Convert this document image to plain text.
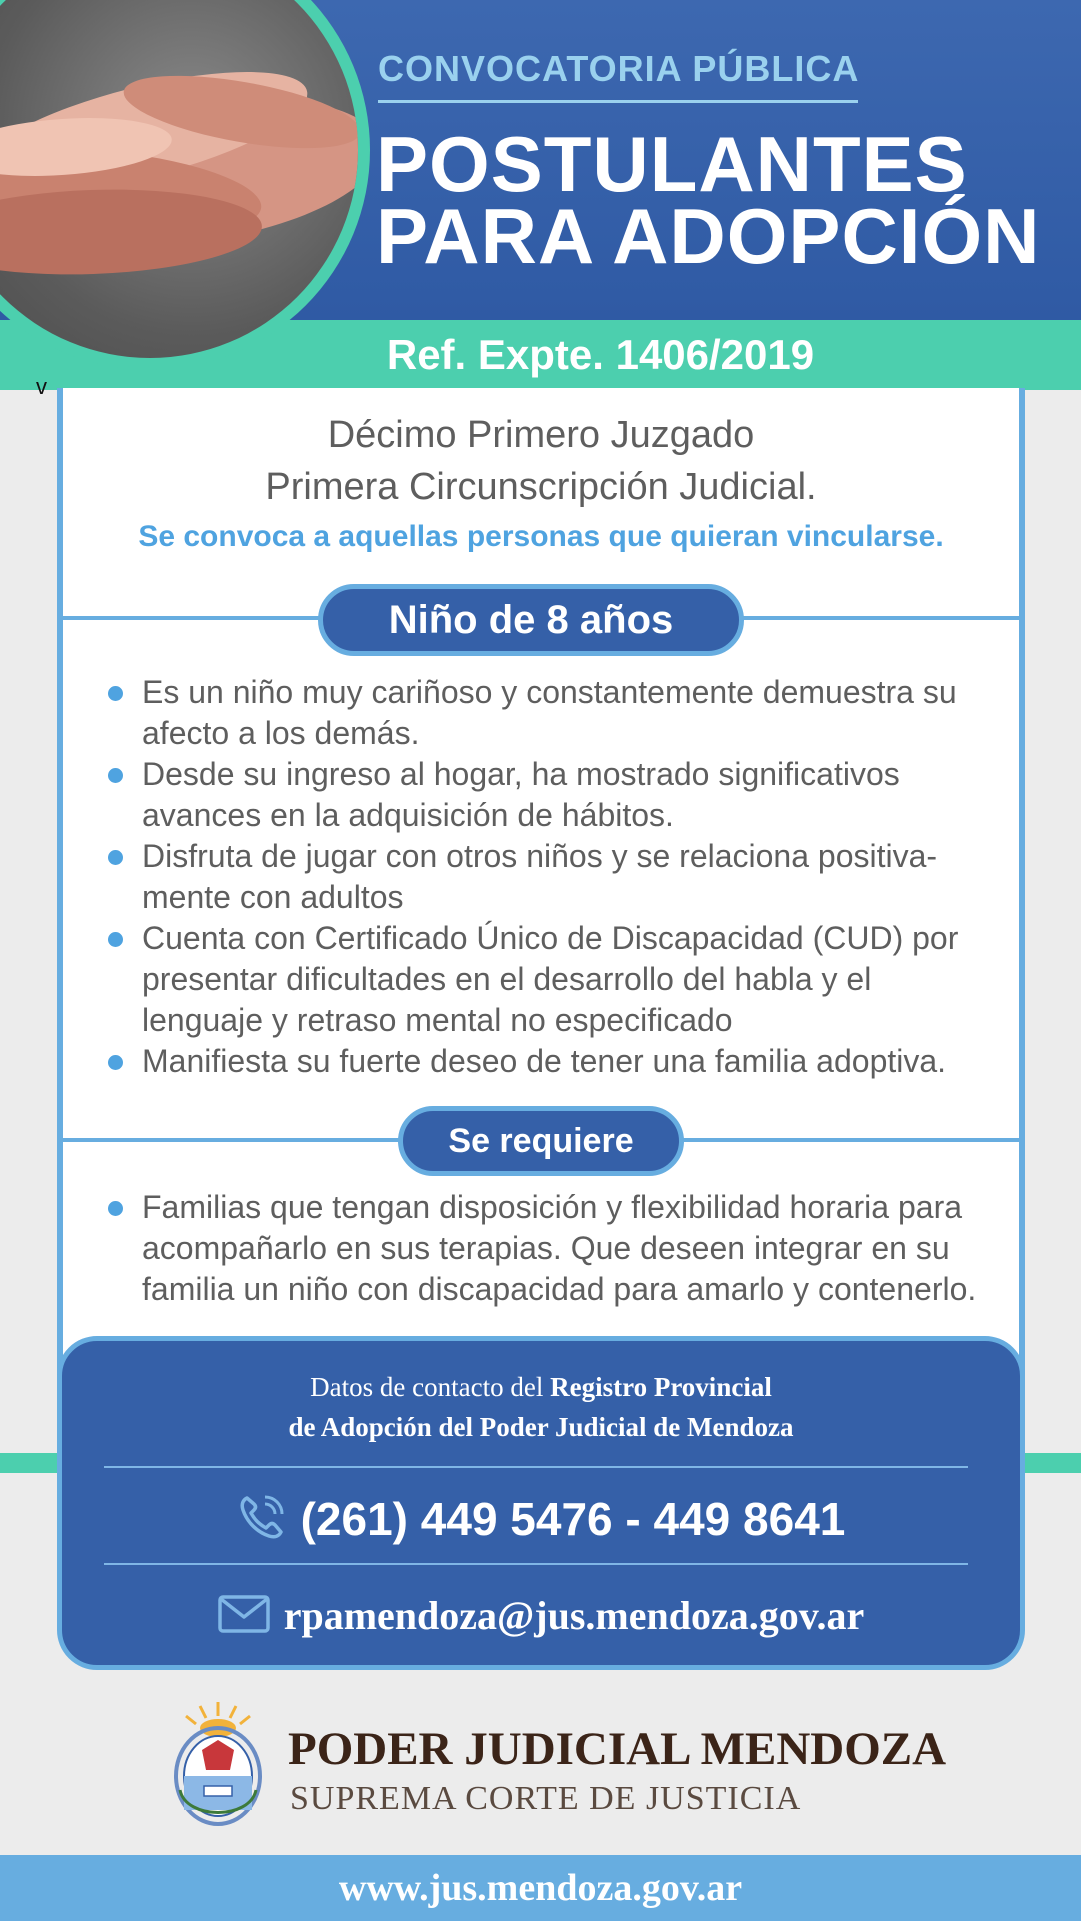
Ref. Expte. 1406/2019
CONVOCATORIA PÚBLICA
POSTULANTES
PARA ADOPCIÓN
v
Décimo Primero Juzgado
Primera Circunscripción Judicial.
Se convoca a aquellas personas que quieran vincularse.
Niño de 8 años
Es un niño muy cariñoso y constantemente demuestra su afecto a los demás.
Desde su ingreso al hogar, ha mostrado significativos avances en la adquisición de hábitos.
Disfruta de jugar con otros niños y se relaciona positiva-mente con adultos
Cuenta con Certificado Único de Discapacidad (CUD) por presentar dificultades en el desarrollo del habla y el lenguaje y retraso mental no especificado
Manifiesta su fuerte deseo de tener una familia adoptiva.
Se requiere
Familias que tengan disposición y flexibilidad horaria para acompañarlo en sus terapias. Que deseen integrar en su familia un niño con discapacidad para amarlo y contenerlo.
Datos de contacto del Registro Provincial
de Adopción del Poder Judicial de Mendoza
(261) 449 5476 - 449 8641
rpamendoza@jus.mendoza.gov.ar
PODER JUDICIAL MENDOZA
SUPREMA CORTE DE JUSTICIA
www.jus.mendoza.gov.ar
